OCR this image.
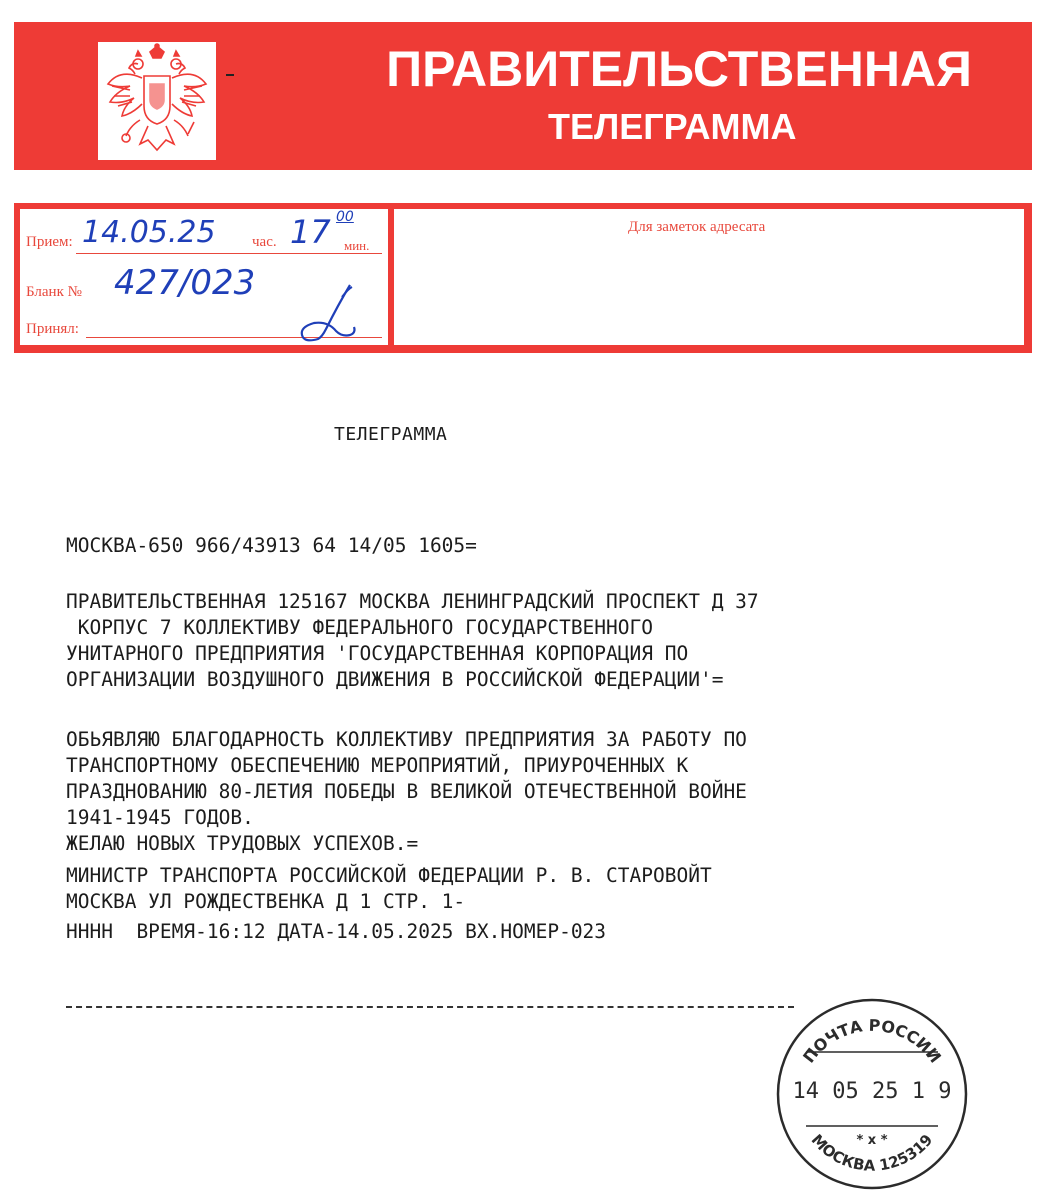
ПРАВИТЕЛЬСТВЕННАЯ
ТЕЛЕГРАММА
Прием: 14.05.25 час. 17 00
мин.
Бланк № 427/023
Принял:
Для заметок адресата
ТЕЛЕГРАММА
МОСКВА-650 966/43913 64 14/05 1605=
ПРАВИТЕЛЬСТВЕННАЯ 125167 МОСКВА ЛЕНИНГРАДСКИЙ ПРОСПЕКТ Д 37
КОРПУС 7 КОЛЛЕКТИВУ ФЕДЕРАЛЬНОГО ГОСУДАРСТВЕННОГО
УНИТАРНОГО ПРЕДПРИЯТИЯ 'ГОСУДАРСТВЕННАЯ КОРПОРАЦИЯ ПО
ОРГАНИЗАЦИИ ВОЗДУШНОГО ДВИЖЕНИЯ В РОССИЙСКОЙ ФЕДЕРАЦИИ'=
ОБЬЯВЛЯЮ БЛАГОДАРНОСТЬ КОЛЛЕКТИВУ ПРЕДПРИЯТИЯ ЗА РАБОТУ ПО
ТРАНСПОРТНОМУ ОБЕСПЕЧЕНИЮ МЕРОПРИЯТИЙ, ПРИУРОЧЕННЫХ К
ПРАЗДНОВАНИЮ 80-ЛЕТИЯ ПОБЕДЫ В ВЕЛИКОЙ ОТЕЧЕСТВЕННОЙ ВОЙНЕ
1941-1945 ГОДОВ.
ЖЕЛАЮ НОВЫХ ТРУДОВЫХ УСПЕХОВ.=
МИНИСТР ТРАНСПОРТА РОССИЙСКОЙ ФЕДЕРАЦИИ Р. В. СТАРОВОЙТ
МОСКВА УЛ РОЖДЕСТВЕНКА Д 1 СТР. 1-
НННН  ВРЕМЯ-16:12 ДАТА-14.05.2025 ВХ.НОМЕР-023
ПОЧТА РОССИИ
14 05 25 1 9
* x *
МОСКВА 125319
